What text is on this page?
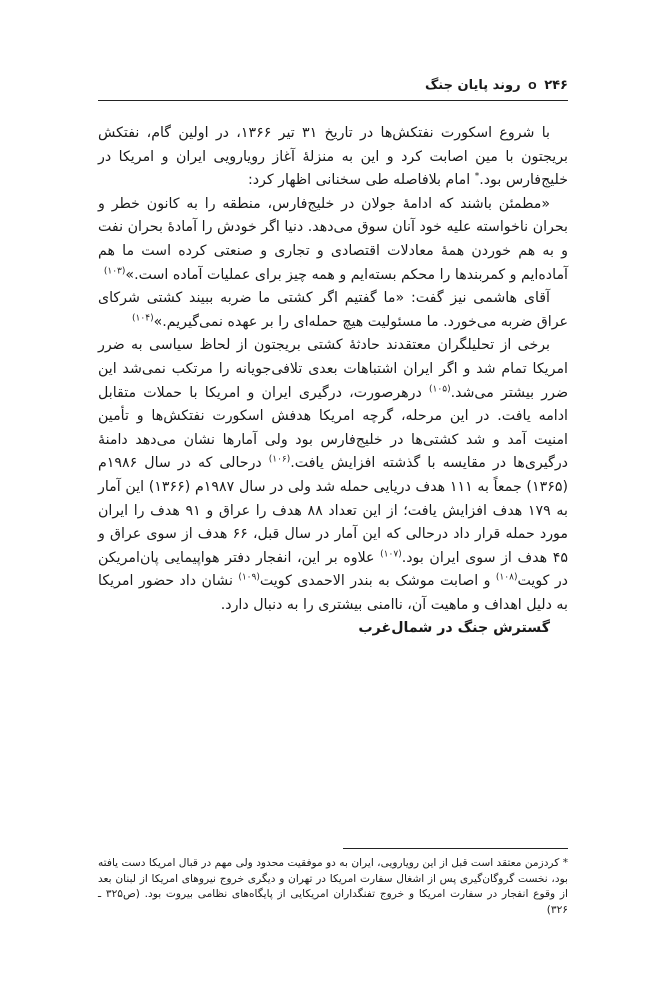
۲۴۶ O روند پایان جنگ

با شروع اسکورت نفتکش‌ها در تاریخ ۳۱ تیر ۱۳۶۶، در اولین گام، نفتکش بریجتون با مین اصابت کرد و این به منزلهٔ آغاز رویارویی ایران و امریکا در خلیج‌فارس بود.* امام بلافاصله طی سخنانی اظهار کرد:

«مطمئن باشند که ادامهٔ جولان در خلیج‌فارس، منطقه را به کانون خطر و بحران ناخواسته علیه خود آنان سوق می‌دهد. دنیا اگر خودش را آمادهٔ بحران نفت و به هم خوردن همهٔ معادلات اقتصادی و تجاری و صنعتی کرده است ما هم آماده‌ایم و کمربندها را محکم بسته‌ایم و همه چیز برای عملیات آماده است.»$^{(۱۰۳)}$

آقای هاشمی نیز گفت: «ما گفتیم اگر کشتی ما ضربه ببیند کشتی شرکای عراق ضربه می‌خورد. ما مسئولیت هیچ حمله‌ای را بر عهده نمی‌گیریم.»$^{(۱۰۴)}$

برخی از تحلیلگران معتقدند حادثهٔ کشتی بریجتون از لحاظ سیاسی به ضرر امریکا تمام شد و اگر ایران اشتباهات بعدی تلافی‌جویانه را مرتکب نمی‌شد این ضرر بیشتر می‌شد.$^{(۱۰۵)}$ درهرصورت، درگیری ایران و امریکا با حملات متقابل ادامه یافت. در این مرحله، گرچه امریکا هدفش اسکورت نفتکش‌ها و تأمین امنیت آمد و شد کشتی‌ها در خلیج‌فارس بود ولی آمارها نشان می‌دهد دامنهٔ درگیری‌ها در مقایسه با گذشته افزایش یافت.$^{(۱۰۶)}$ درحالی که در سال ۱۹۸۶م (۱۳۶۵) جمعاً به ۱۱۱ هدف دریایی حمله شد ولی در سال ۱۹۸۷م (۱۳۶۶) این آمار به ۱۷۹ هدف افزایش یافت؛ از این تعداد ۸۸ هدف را عراق و ۹۱ هدف را ایران مورد حمله قرار داد درحالی که این آمار در سال قبل، ۶۶ هدف از سوی عراق و ۴۵ هدف از سوی ایران بود.$^{(۱۰۷)}$ علاوه بر این، انفجار دفتر هواپیمایی پان‌امریکن در کویت$^{(۱۰۸)}$ و اصابت موشک به بندر الاحمدی کویت$^{(۱۰۹)}$ نشان داد حضور امریکا به دلیل اهداف و ماهیت آن، ناامنی بیشتری را به دنبال دارد.

گسترش جنگ در شمال‌غرب

* کردزمن معتقد است قبل از این رویارویی، ایران به دو موفقیت محدود ولی مهم در قبال امریکا دست یافته بود، نخست گروگان‌گیری پس از اشغال سفارت امریکا در تهران و دیگری خروج نیروهای امریکا از لبنان بعد از وقوع انفجار در سفارت امریکا و خروج تفنگداران امریکایی از پایگاه‌های نظامی بیروت بود. (ص۳۲۵ ـ ۳۲۶)
